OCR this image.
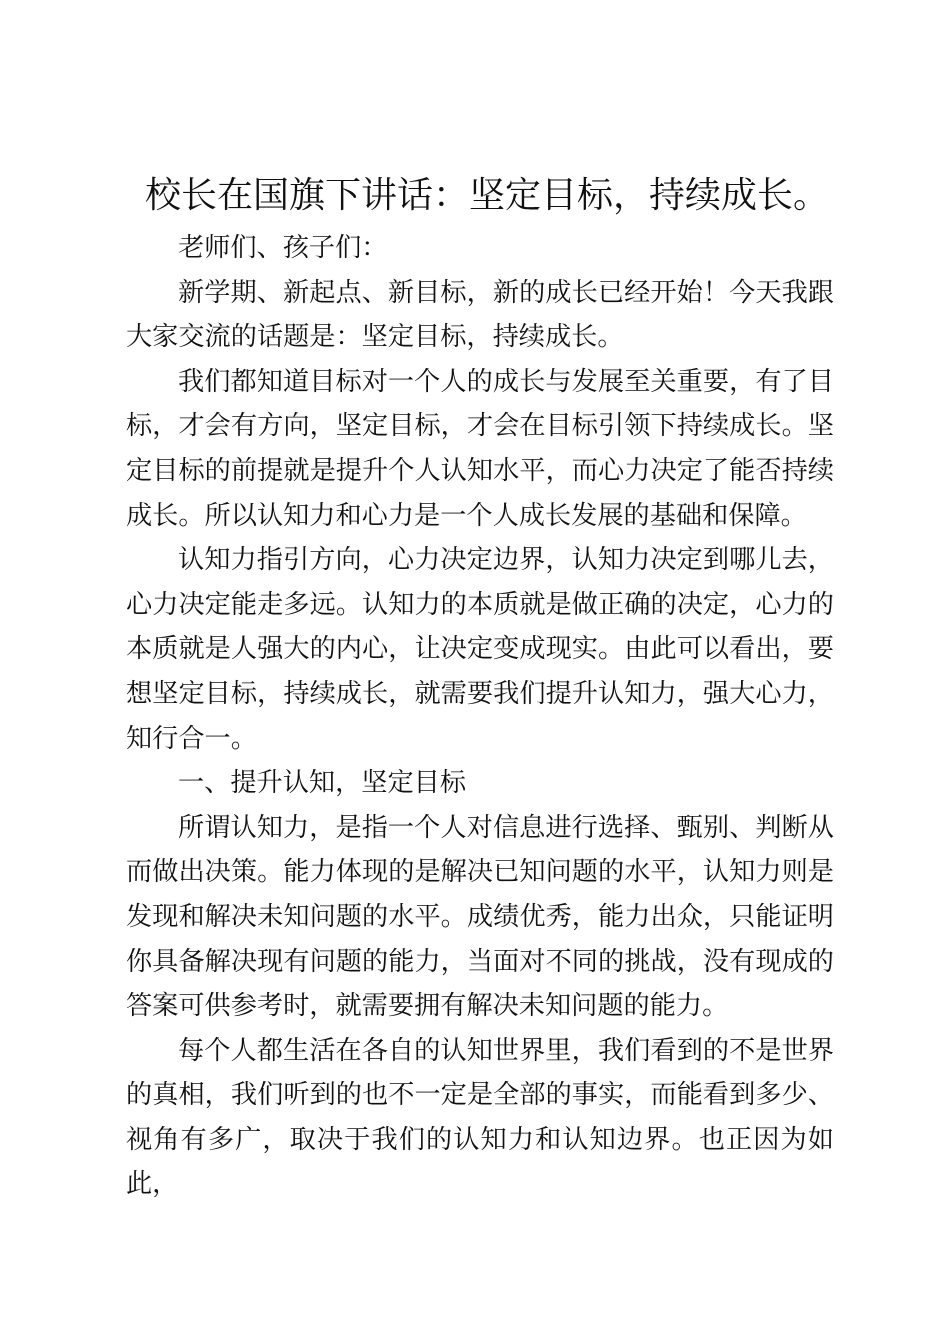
校长在国旗下讲话：坚定目标，持续成长。

老师们、孩子们：

新学期、新起点、新目标，新的成长已经开始！今天我跟大家交流的话题是：坚定目标，持续成长。

我们都知道目标对一个人的成长与发展至关重要，有了目标，才会有方向，坚定目标，才会在目标引领下持续成长。坚定目标的前提就是提升个人认知水平，而心力决定了能否持续成长。所以认知力和心力是一个人成长发展的基础和保障。

认知力指引方向，心力决定边界，认知力决定到哪儿去，心力决定能走多远。认知力的本质就是做正确的决定，心力的本质就是人强大的内心，让决定变成现实。由此可以看出，要想坚定目标，持续成长，就需要我们提升认知力，强大心力，知行合一。

一、提升认知，坚定目标

所谓认知力，是指一个人对信息进行选择、甄别、判断从而做出决策。能力体现的是解决已知问题的水平，认知力则是发现和解决未知问题的水平。成绩优秀，能力出众，只能证明你具备解决现有问题的能力，当面对不同的挑战，没有现成的答案可供参考时，就需要拥有解决未知问题的能力。

每个人都生活在各自的认知世界里，我们看到的不是世界的真相，我们听到的也不一定是全部的事实，而能看到多少、视角有多广，取决于我们的认知力和认知边界。也正因为如此，
